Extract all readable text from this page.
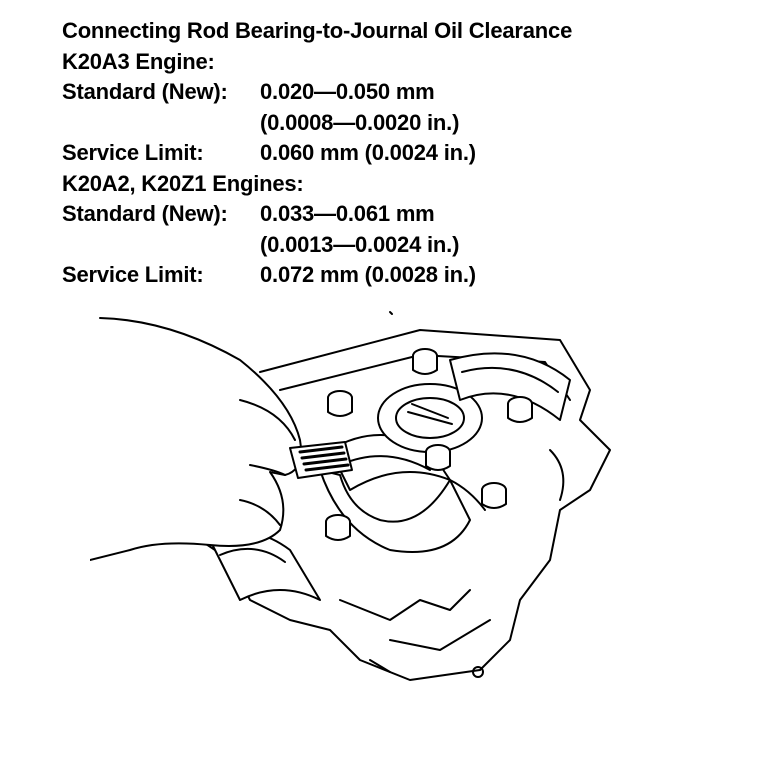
Connecting Rod Bearing-to-Journal Oil Clearance
K20A3 Engine:
Standard (New): 0.020—0.050 mm
(0.0008—0.0020 in.)
Service Limit:	0.060 mm (0.0024 in.)
K20A2, K20Z1 Engines:
Standard (New): 0.033—0.061 mm
(0.0013—0.0024 in.)
Service Limit:	0.072 mm (0.0028 in.)
